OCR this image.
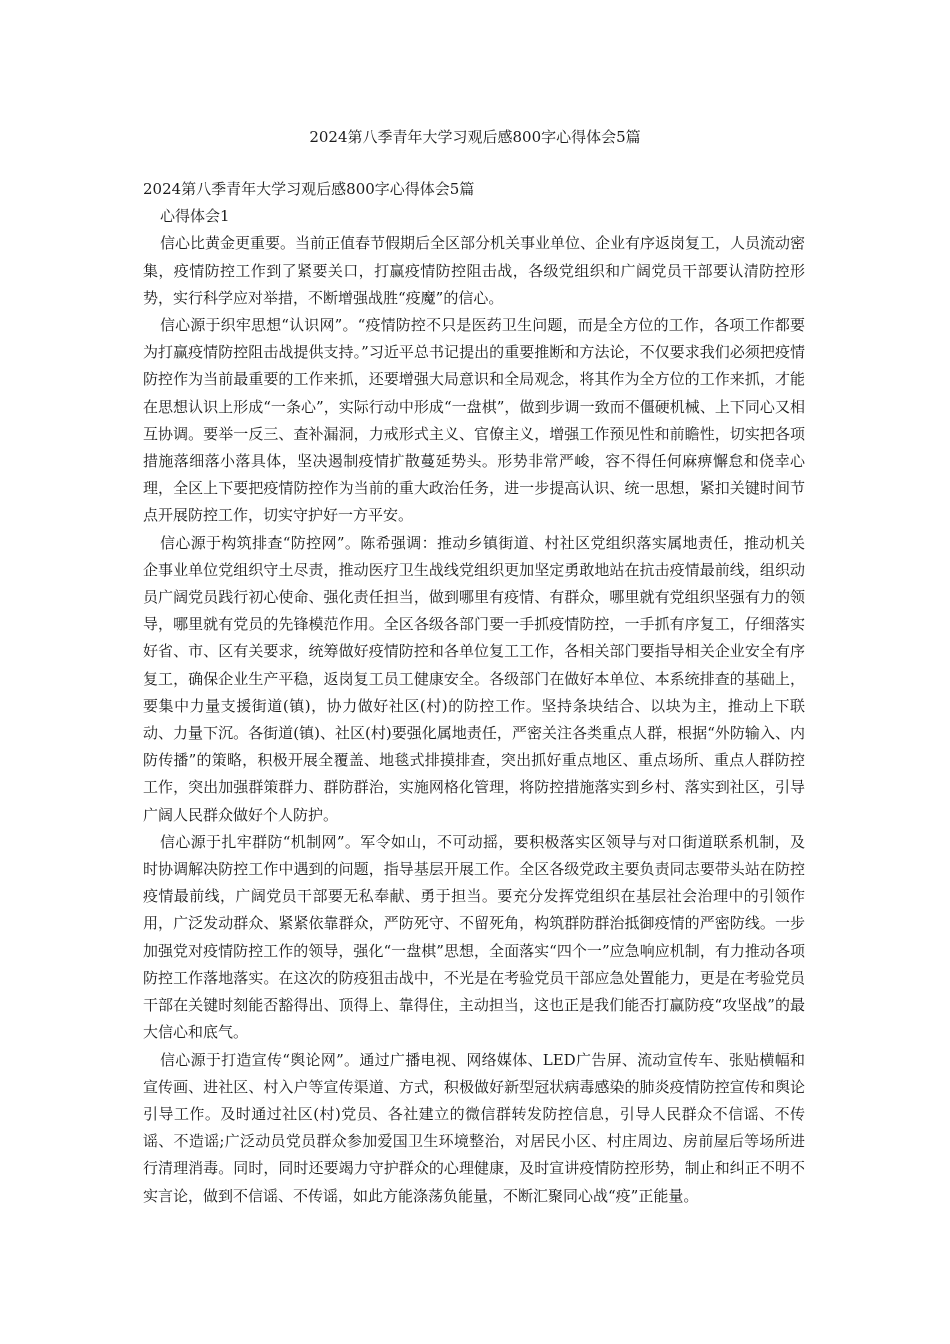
2024第八季青年大学习观后感800字心得体会5篇

2024第八季青年大学习观后感800字心得体会5篇

心得体会1

信心比黄金更重要。当前正值春节假期后全区部分机关事业单位、企业有序返岗复工，人员流动密集，疫情防控工作到了紧要关口，打赢疫情防控阻击战，各级党组织和广阔党员干部要认清防控形势，实行科学应对举措，不断增强战胜“疫魔”的信心。

信心源于织牢思想“认识网”。“疫情防控不只是医药卫生问题，而是全方位的工作，各项工作都要为打赢疫情防控阻击战提供支持。”习近平总书记提出的重要推断和方法论，不仅要求我们必须把疫情防控作为当前最重要的工作来抓，还要增强大局意识和全局观念，将其作为全方位的工作来抓，才能在思想认识上形成“一条心”，实际行动中形成“一盘棋”，做到步调一致而不僵硬机械、上下同心又相互协调。要举一反三、查补漏洞，力戒形式主义、官僚主义，增强工作预见性和前瞻性，切实把各项措施落细落小落具体，坚决遏制疫情扩散蔓延势头。形势非常严峻，容不得任何麻痹懈怠和侥幸心理，全区上下要把疫情防控作为当前的重大政治任务，进一步提高认识、统一思想，紧扣关键时间节点开展防控工作，切实守护好一方平安。

信心源于构筑排查“防控网”。陈希强调：推动乡镇街道、村社区党组织落实属地责任，推动机关企事业单位党组织守土尽责，推动医疗卫生战线党组织更加坚定勇敢地站在抗击疫情最前线，组织动员广阔党员践行初心使命、强化责任担当，做到哪里有疫情、有群众，哪里就有党组织坚强有力的领导，哪里就有党员的先锋模范作用。全区各级各部门要一手抓疫情防控，一手抓有序复工，仔细落实好省、市、区有关要求，统筹做好疫情防控和各单位复工工作，各相关部门要指导相关企业安全有序复工，确保企业生产平稳，返岗复工员工健康安全。各级部门在做好本单位、本系统排查的基础上，要集中力量支援街道(镇)，协力做好社区(村)的防控工作。坚持条块结合、以块为主，推动上下联动、力量下沉。各街道(镇)、社区(村)要强化属地责任，严密关注各类重点人群，根据“外防输入、内防传播”的策略，积极开展全覆盖、地毯式排摸排查，突出抓好重点地区、重点场所、重点人群防控工作，突出加强群策群力、群防群治，实施网格化管理，将防控措施落实到乡村、落实到社区，引导广阔人民群众做好个人防护。

信心源于扎牢群防“机制网”。军令如山，不可动摇，要积极落实区领导与对口街道联系机制，及时协调解决防控工作中遇到的问题，指导基层开展工作。全区各级党政主要负责同志要带头站在防控疫情最前线，广阔党员干部要无私奉献、勇于担当。要充分发挥党组织在基层社会治理中的引领作用，广泛发动群众、紧紧依靠群众，严防死守、不留死角，构筑群防群治抵御疫情的严密防线。一步加强党对疫情防控工作的领导，强化“一盘棋”思想，全面落实“四个一”应急响应机制，有力推动各项防控工作落地落实。在这次的防疫狙击战中，不光是在考验党员干部应急处置能力，更是在考验党员干部在关键时刻能否豁得出、顶得上、靠得住，主动担当，这也正是我们能否打赢防疫“攻坚战”的最大信心和底气。

信心源于打造宣传“舆论网”。通过广播电视、网络媒体、LED广告屏、流动宣传车、张贴横幅和宣传画、进社区、村入户等宣传渠道、方式，积极做好新型冠状病毒感染的肺炎疫情防控宣传和舆论引导工作。及时通过社区(村)党员、各社建立的微信群转发防控信息，引导人民群众不信谣、不传谣、不造谣;广泛动员党员群众参加爱国卫生环境整治，对居民小区、村庄周边、房前屋后等场所进行清理消毒。同时，同时还要竭力守护群众的心理健康，及时宣讲疫情防控形势，制止和纠正不明不实言论，做到不信谣、不传谣，如此方能涤荡负能量，不断汇聚同心战“疫”正能量。
